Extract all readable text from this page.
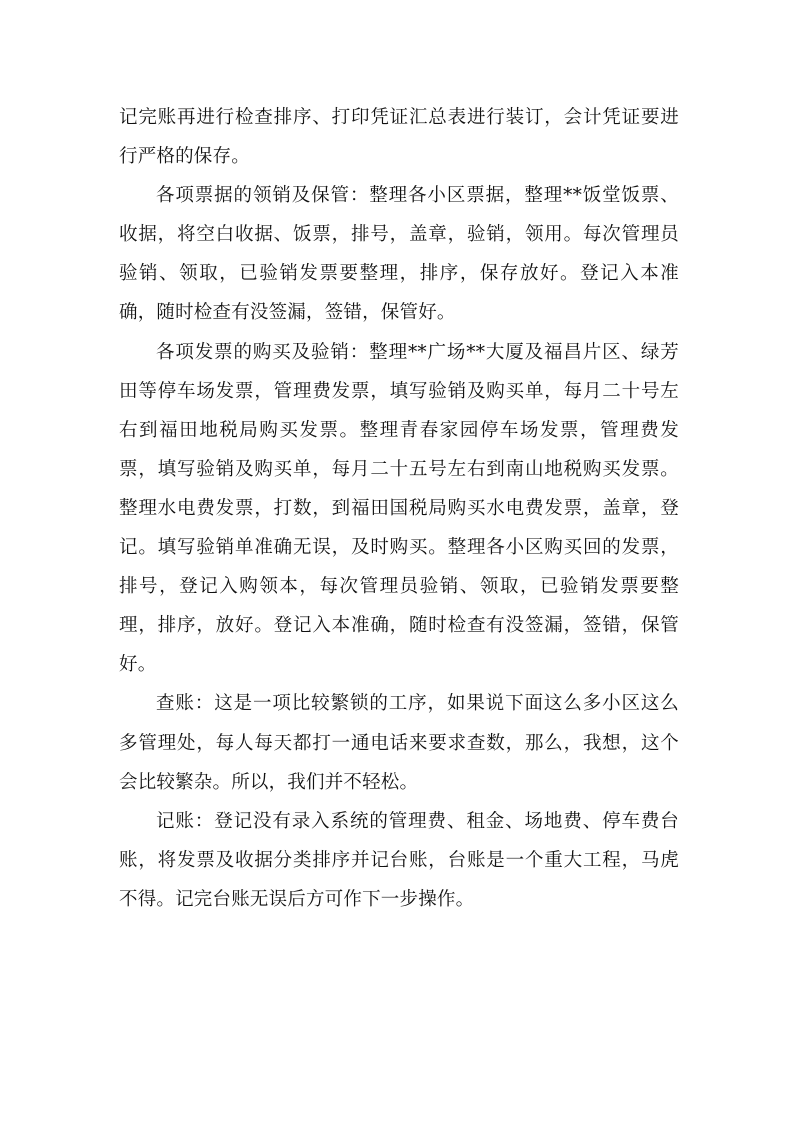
记完账再进行检查排序、打印凭证汇总表进行装订，会计凭证要进行严格的保存。

各项票据的领销及保管：整理各小区票据，整理**饭堂饭票、收据，将空白收据、饭票，排号，盖章，验销，领用。每次管理员验销、领取，已验销发票要整理，排序，保存放好。登记入本准确，随时检查有没签漏，签错，保管好。

各项发票的购买及验销：整理**广场**大厦及福昌片区、绿芳田等停车场发票，管理费发票，填写验销及购买单，每月二十号左右到福田地税局购买发票。整理青春家园停车场发票，管理费发票，填写验销及购买单，每月二十五号左右到南山地税购买发票。整理水电费发票，打数，到福田国税局购买水电费发票，盖章，登记。填写验销单准确无误，及时购买。整理各小区购买回的发票，排号，登记入购领本，每次管理员验销、领取，已验销发票要整理，排序，放好。登记入本准确，随时检查有没签漏，签错，保管好。

查账：这是一项比较繁锁的工序，如果说下面这么多小区这么多管理处，每人每天都打一通电话来要求查数，那么，我想，这个会比较繁杂。所以，我们并不轻松。

记账：登记没有录入系统的管理费、租金、场地费、停车费台账，将发票及收据分类排序并记台账，台账是一个重大工程，马虎不得。记完台账无误后方可作下一步操作。
